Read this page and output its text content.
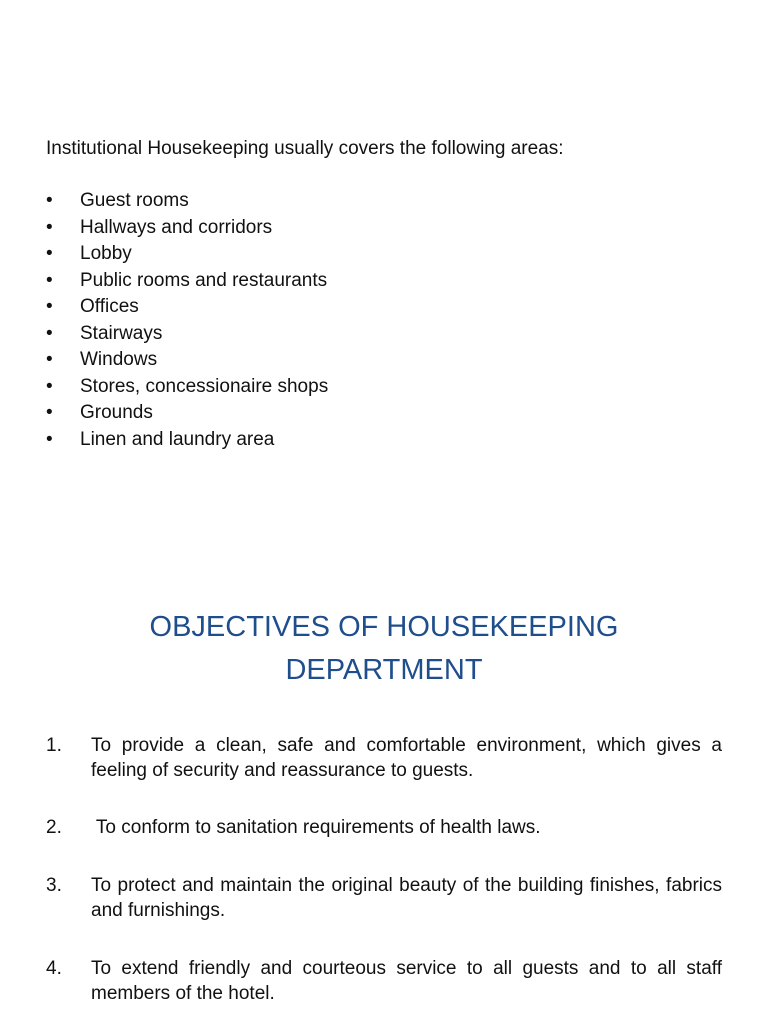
Institutional Housekeeping usually covers the following areas:
•	Guest rooms
•	Hallways and corridors
•	Lobby
•	Public rooms and restaurants
•	Offices
•	Stairways
•	Windows
•	Stores, concessionaire shops
•	Grounds
•	Linen and laundry area
OBJECTIVES OF HOUSEKEEPING
DEPARTMENT
1. To provide a clean, safe and comfortable environment, which gives a feeling of security and reassurance to guests.
2. To conform to sanitation requirements of health laws.
3. To protect and maintain the original beauty of the building finishes, fabrics and furnishings.
4. To extend friendly and courteous service to all guests and to all staff members of the hotel.
